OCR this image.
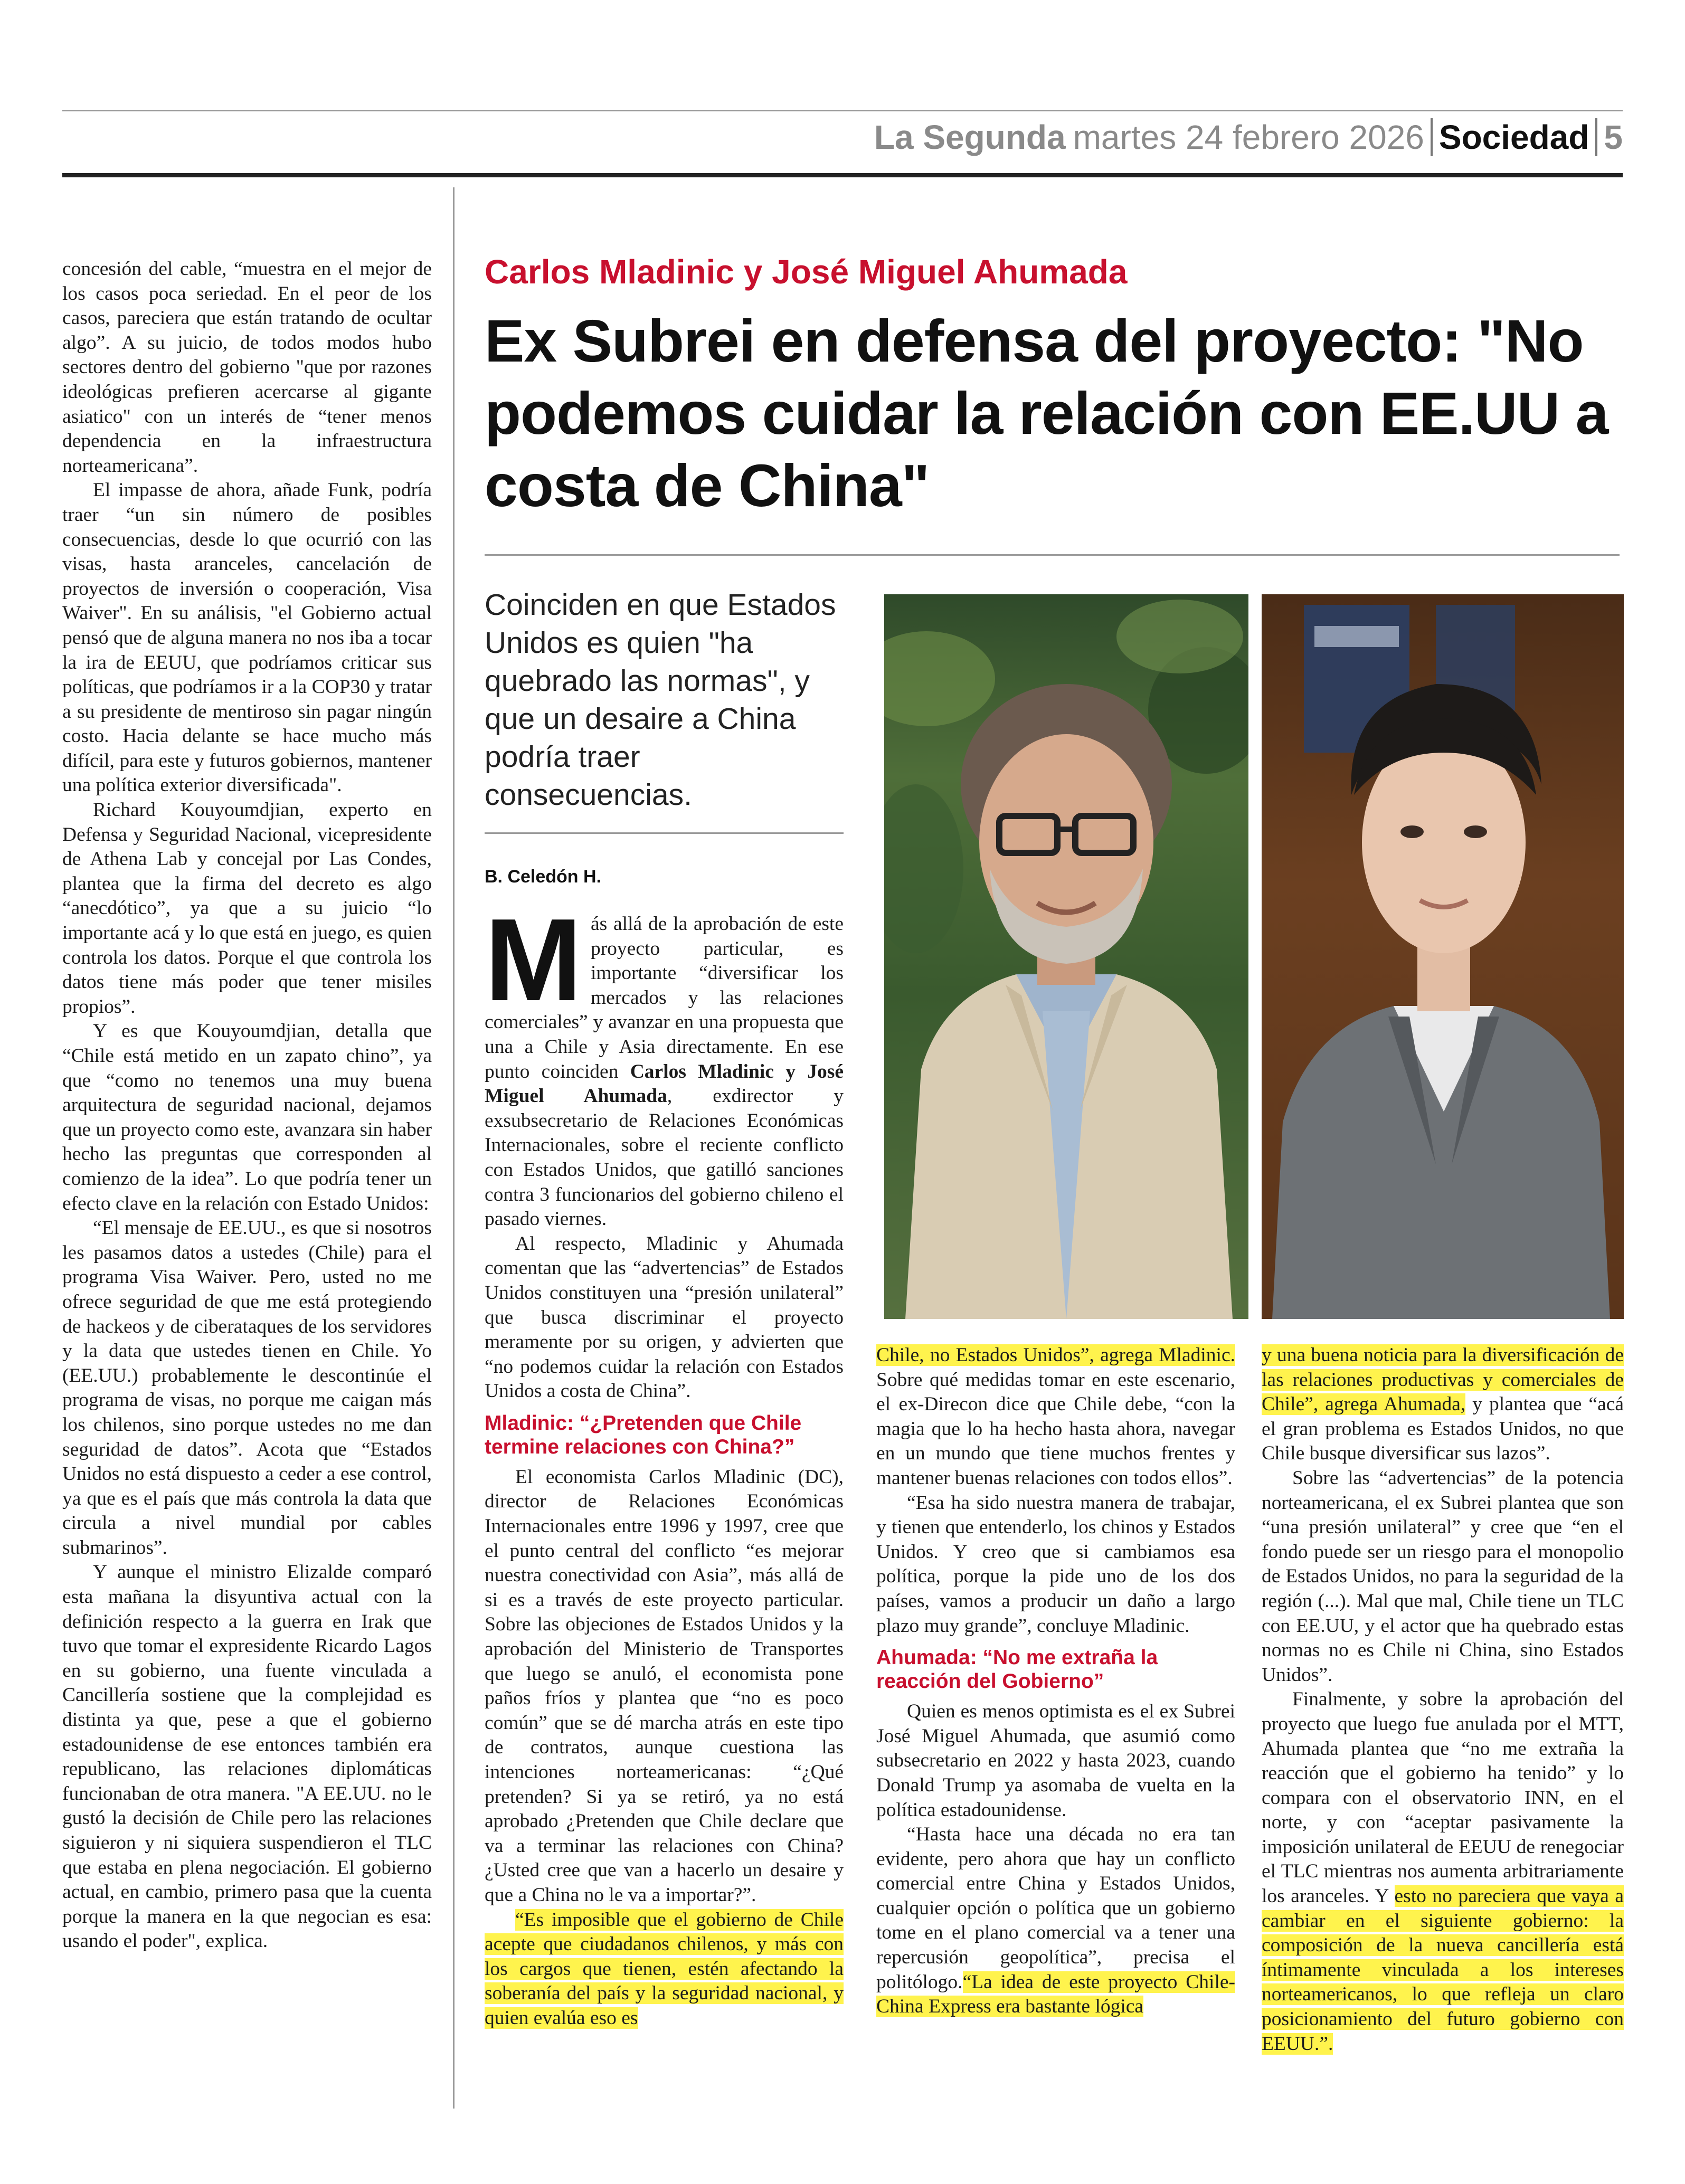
La Segunda martes 24 febrero 2026 Sociedad 5

concesión del cable, “muestra en el mejor de los casos poca seriedad. En el peor de los casos, pareciera que están tratando de ocultar algo”. A su juicio, de todos modos hubo sectores dentro del gobierno "que por razones ideológicas prefieren acercarse al gigante asiatico" con un interés de “tener menos dependencia en la infraestructura norteamericana”.

El impasse de ahora, añade Funk, podría traer “un sin número de posibles consecuencias, desde lo que ocurrió con las visas, hasta aranceles, cancelación de proyectos de inversión o cooperación, Visa Waiver". En su análisis, "el Gobierno actual pensó que de alguna manera no nos iba a tocar la ira de EEUU, que podríamos criticar sus políticas, que podríamos ir a la COP30 y tratar a su presidente de mentiroso sin pagar ningún costo. Hacia delante se hace mucho más difícil, para este y futuros gobiernos, mantener una política exterior diversificada".

Richard Kouyoumdjian, experto en Defensa y Seguridad Nacional, vicepresidente de Athena Lab y concejal por Las Condes, plantea que la firma del decreto es algo “anecdótico”, ya que a su juicio “lo importante acá y lo que está en juego, es quien controla los datos. Porque el que controla los datos tiene más poder que tener misiles propios”.

Y es que Kouyoumdjian, detalla que “Chile está metido en un zapato chino”, ya que “como no tenemos una muy buena arquitectura de seguridad nacional, dejamos que un proyecto como este, avanzara sin haber hecho las preguntas que corresponden al comienzo de la idea”. Lo que podría tener un efecto clave en la relación con Estado Unidos:

“El mensaje de EE.UU., es que si nosotros les pasamos datos a ustedes (Chile) para el programa Visa Waiver. Pero, usted no me ofrece seguridad de que me está protegiendo de hackeos y de ciberataques de los servidores y la data que ustedes tienen en Chile. Yo (EE.UU.) probablemente le descontinúe el programa de visas, no porque me caigan más los chilenos, sino porque ustedes no me dan seguridad de datos”. Acota que “Estados Unidos no está dispuesto a ceder a ese control, ya que es el país que más controla la data que circula a nivel mundial por cables submarinos”.

Y aunque el ministro Elizalde comparó esta mañana la disyuntiva actual con la definición respecto a la guerra en Irak que tuvo que tomar el expresidente Ricardo Lagos en su gobierno, una fuente vinculada a Cancillería sostiene que la complejidad es distinta ya que, pese a que el gobierno estadounidense de ese entonces también era republicano, las relaciones diplomáticas funcionaban de otra manera. "A EE.UU. no le gustó la decisión de Chile pero las relaciones siguieron y ni siquiera suspendieron el TLC que estaba en plena negociación. El gobierno actual, en cambio, primero pasa que la cuenta porque la manera en la que negocian es esa: usando el poder", explica.

Carlos Mladinic y José Miguel Ahumada
Ex Subrei en defensa del proyecto: "No podemos cuidar la relación con EE.UU a costa de China"
Coinciden en que Estados Unidos es quien "ha quebrado las normas", y que un desaire a China podría traer consecuencias.
B. Celedón H.

Más allá de la aprobación de este proyecto particular, es importante “diversificar los mercados y las relaciones comerciales” y avanzar en una propuesta que una a Chile y Asia directamente. En ese punto coinciden Carlos Mladinic y José Miguel Ahumada, exdirector y exsubsecretario de Relaciones Económicas Internacionales, sobre el reciente conflicto con Estados Unidos, que gatilló sanciones contra 3 funcionarios del gobierno chileno el pasado viernes.

Al respecto, Mladinic y Ahumada comentan que las “advertencias” de Estados Unidos constituyen una “presión unilateral” que busca discriminar el proyecto meramente por su origen, y advierten que “no podemos cuidar la relación con Estados Unidos a costa de China”.

Mladinic: “¿Pretenden que Chile termine relaciones con China?”

El economista Carlos Mladinic (DC), director de Relaciones Económicas Internacionales entre 1996 y 1997, cree que el punto central del conflicto “es mejorar nuestra conectividad con Asia”, más allá de si es a través de este proyecto particular. Sobre las objeciones de Estados Unidos y la aprobación del Ministerio de Transportes que luego se anuló, el economista pone paños fríos y plantea que “no es poco común” que se dé marcha atrás en este tipo de contratos, aunque cuestiona las intenciones norteamericanas: “¿Qué pretenden? Si ya se retiró, ya no está aprobado ¿Pretenden que Chile declare que va a terminar las relaciones con China? ¿Usted cree que van a hacerlo un desaire y que a China no le va a importar?”.

“Es imposible que el gobierno de Chile acepte que ciudadanos chilenos, y más con los cargos que tienen, estén afectando la soberanía del país y la seguridad nacional, y quien evalúa eso es

Chile, no Estados Unidos”, agrega Mladinic. Sobre qué medidas tomar en este escenario, el ex-Direcon dice que Chile debe, “con la magia que lo ha hecho hasta ahora, navegar en un mundo que tiene muchos frentes y mantener buenas relaciones con todos ellos”.

“Esa ha sido nuestra manera de trabajar, y tienen que entenderlo, los chinos y Estados Unidos. Y creo que si cambiamos esa política, porque la pide uno de los dos países, vamos a producir un daño a largo plazo muy grande”, concluye Mladinic.

Ahumada: “No me extraña la reacción del Gobierno”

Quien es menos optimista es el ex Subrei José Miguel Ahumada, que asumió como subsecretario en 2022 y hasta 2023, cuando Donald Trump ya asomaba de vuelta en la política estadounidense.

“Hasta hace una década no era tan evidente, pero ahora que hay un conflicto comercial entre China y Estados Unidos, cualquier opción o política que un gobierno tome en el plano comercial va a tener una repercusión geopolítica”, precisa el politólogo.“La idea de este proyecto Chile-China Express era bastante lógica

y una buena noticia para la diversificación de las relaciones productivas y comerciales de Chile”, agrega Ahumada, y plantea que “acá el gran problema es Estados Unidos, no que Chile busque diversificar sus lazos”.

Sobre las “advertencias” de la potencia norteamericana, el ex Subrei plantea que son “una presión unilateral” y cree que “en el fondo puede ser un riesgo para el monopolio de Estados Unidos, no para la seguridad de la región (...). Mal que mal, Chile tiene un TLC con EE.UU, y el actor que ha quebrado estas normas no es Chile ni China, sino Estados Unidos”.

Finalmente, y sobre la aprobación del proyecto que luego fue anulada por el MTT, Ahumada plantea que “no me extraña la reacción que el gobierno ha tenido” y lo compara con el observatorio INN, en el norte, y con “aceptar pasivamente la imposición unilateral de EEUU de renegociar el TLC mientras nos aumenta arbitrariamente los aranceles. Y esto no pareciera que vaya a cambiar en el siguiente gobierno: la composición de la nueva cancillería está íntimamente vinculada a los intereses norteamericanos, lo que refleja un claro posicionamiento del futuro gobierno con EEUU.”.
